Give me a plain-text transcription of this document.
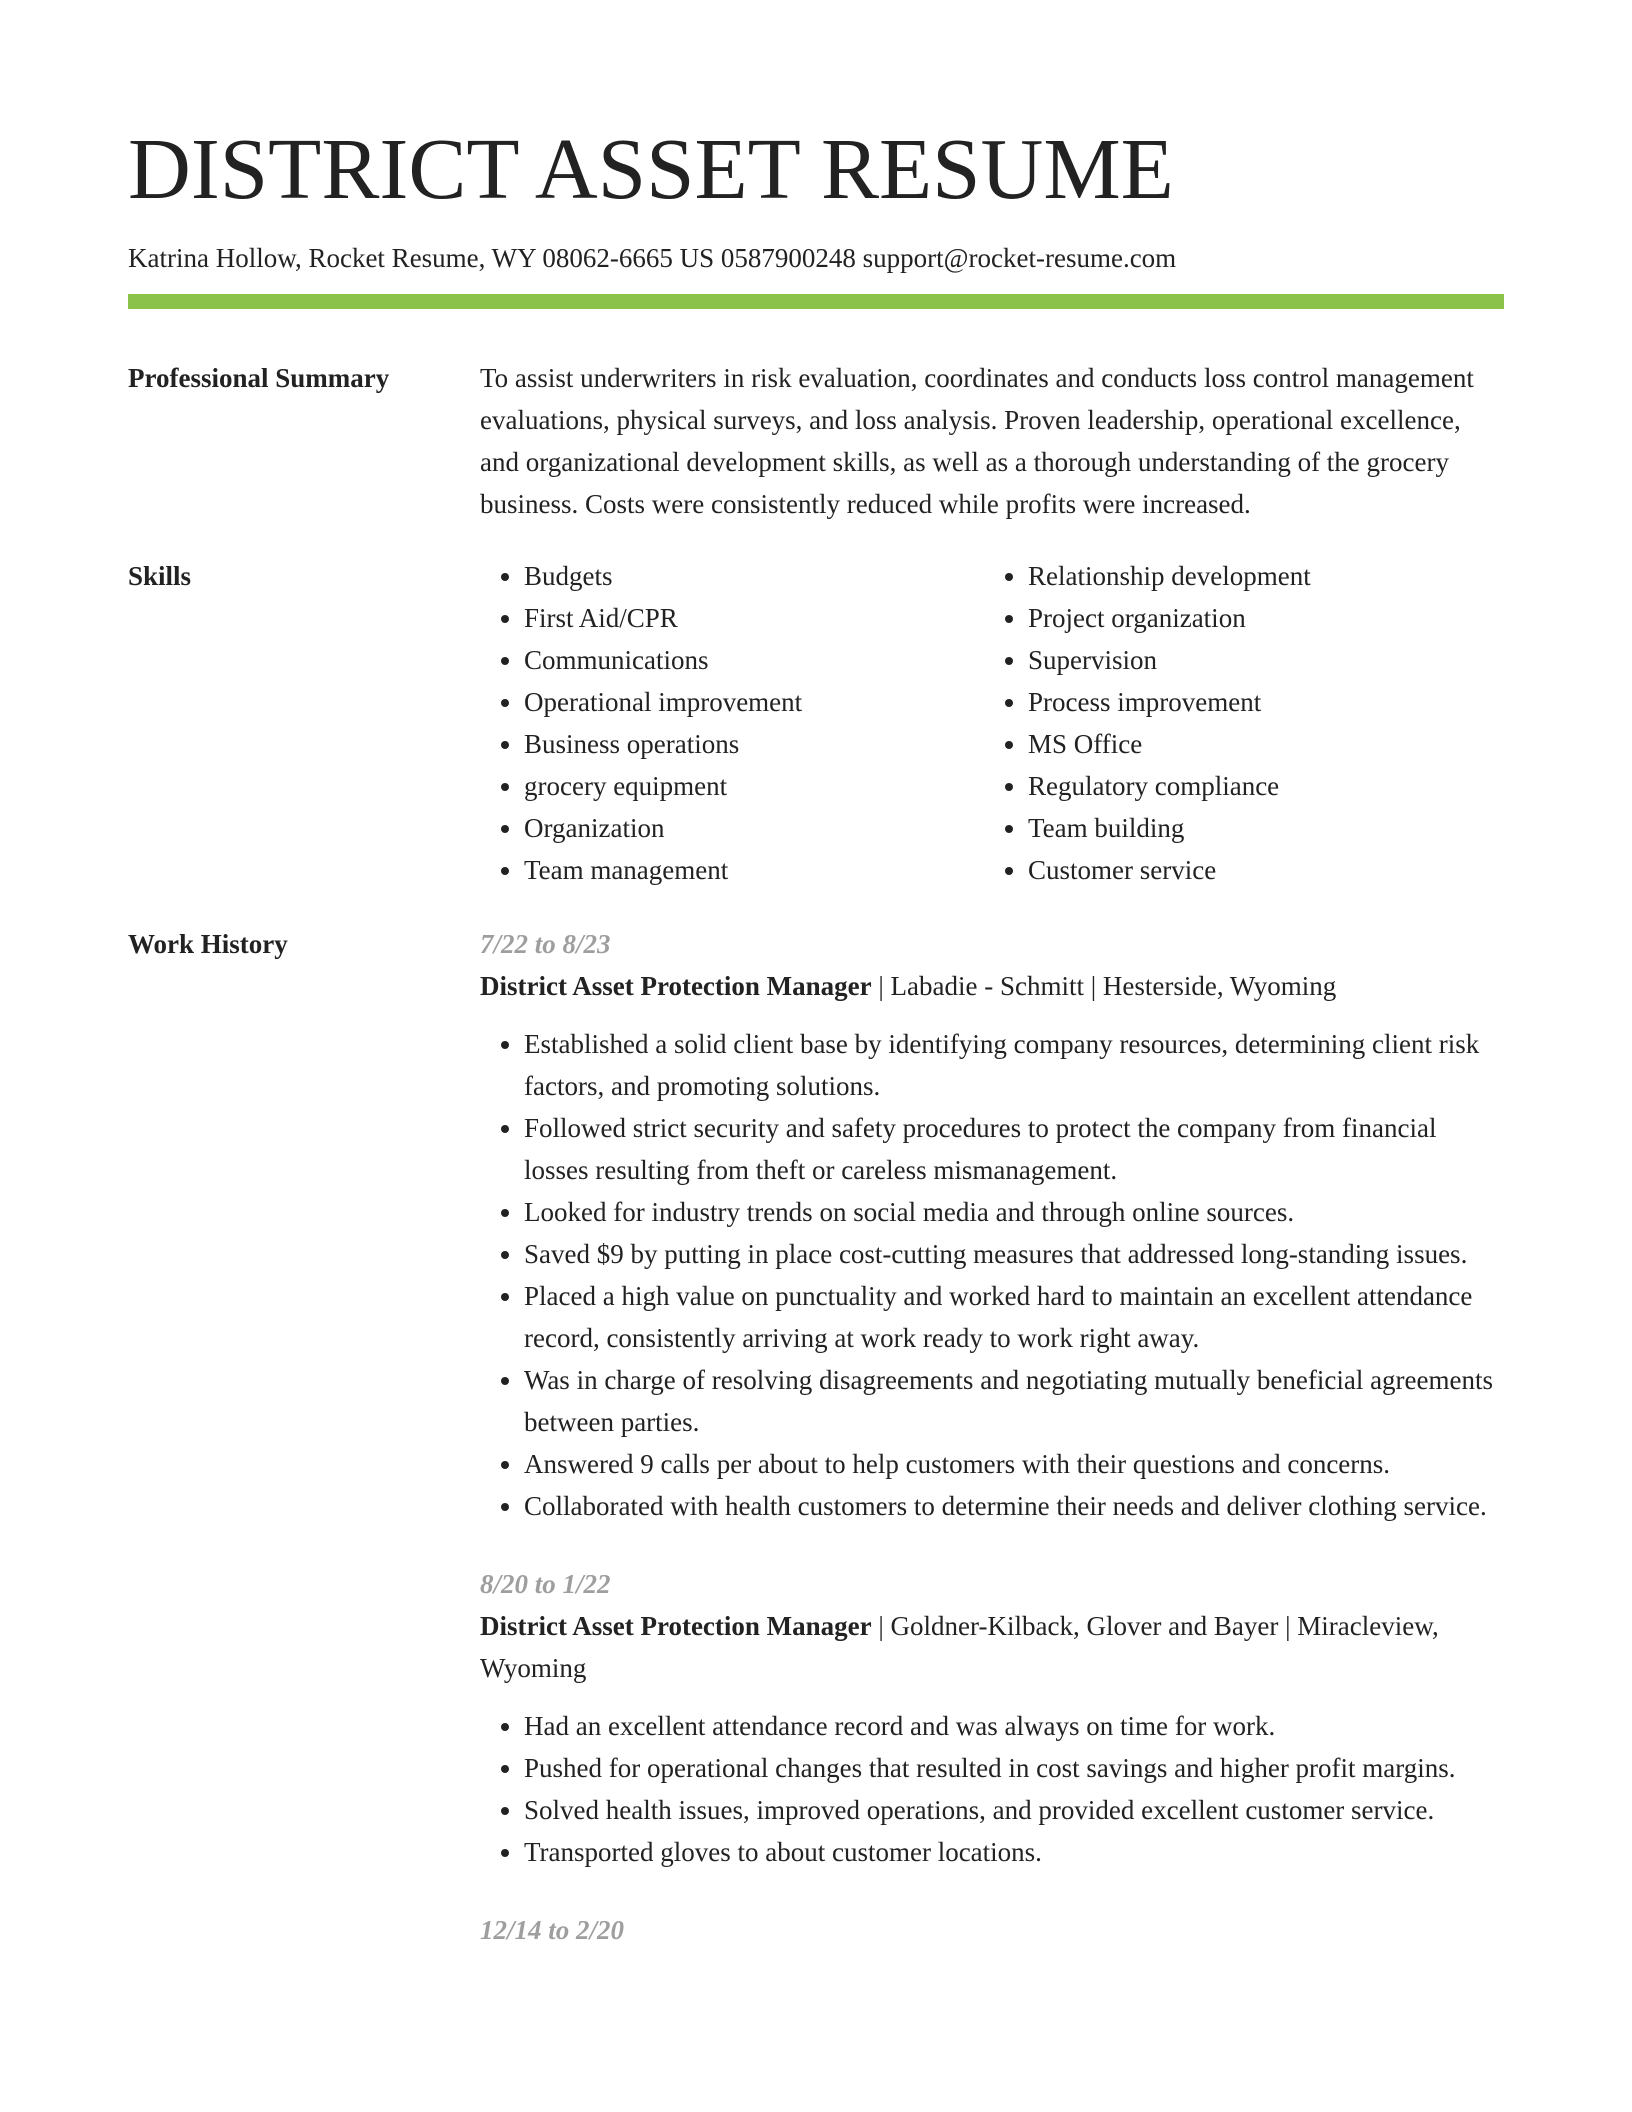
DISTRICT ASSET RESUME
Katrina Hollow, Rocket Resume, WY 08062-6665 US 0587900248 support@rocket-resume.com
Professional Summary	To assist underwriters in risk evaluation, coordinates and conducts loss control management evaluations, physical surveys, and loss analysis. Proven leadership, operational excellence, and organizational development skills, as well as a thorough understanding of the grocery business. Costs were consistently reduced while profits were increased.

Skills
•	Budgets
• First Aid/CPR
• Communications
• Operational improvement
• Business operations
• grocery equipment
• Organization
• Team management
• Relationship development
• Project organization
• Supervision
• Process improvement
• MS Office
• Regulatory compliance
• Team building
• Customer service
Work History	7/22 to 8/23
District Asset Protection Manager | Labadie - Schmitt | Hesterside, Wyoming
• Established a solid client base by identifying company resources, determining client risk factors, and promoting solutions.
• Followed strict security and safety procedures to protect the company from financial losses resulting from theft or careless mismanagement.
• Looked for industry trends on social media and through online sources.
• Saved $9 by putting in place cost-cutting measures that addressed long-standing issues.
• Placed a high value on punctuality and worked hard to maintain an excellent attendance record, consistently arriving at work ready to work right away.
• Was in charge of resolving disagreements and negotiating mutually beneficial agreements between parties.
• Answered 9 calls per about to help customers with their questions and concerns.
• Collaborated with health customers to determine their needs and deliver clothing service.
8/20 to 1/22
District Asset Protection Manager | Goldner-Kilback, Glover and Bayer | Miracleview, Wyoming
• Had an excellent attendance record and was always on time for work.
• Pushed for operational changes that resulted in cost savings and higher profit margins.
• Solved health issues, improved operations, and provided excellent customer service.
• Transported gloves to about customer locations.
12/14 to 2/20
